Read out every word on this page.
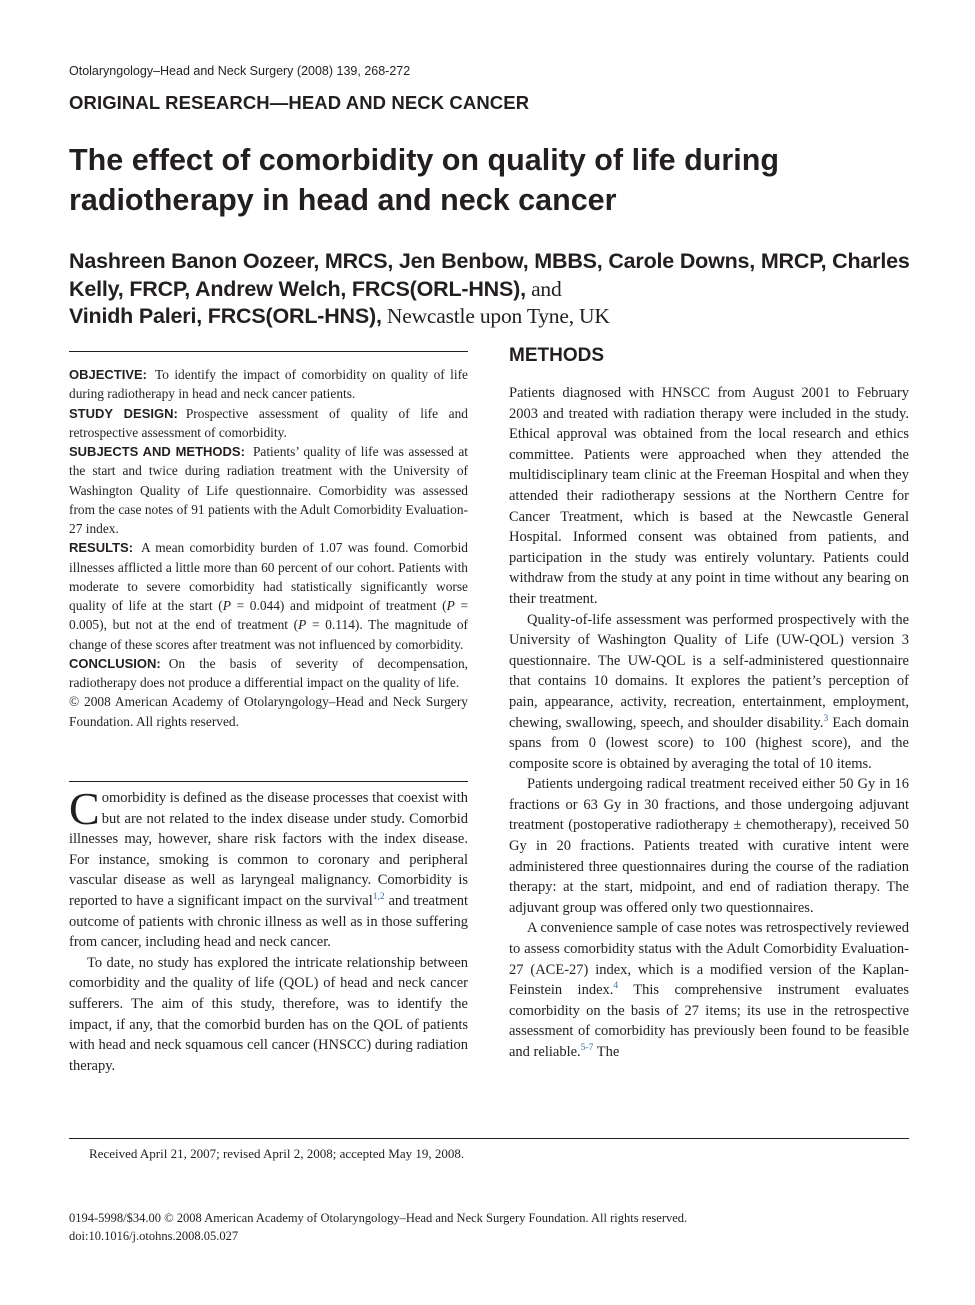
Otolaryngology–Head and Neck Surgery (2008) 139, 268-272
ORIGINAL RESEARCH—HEAD AND NECK CANCER
The effect of comorbidity on quality of life during radiotherapy in head and neck cancer
Nashreen Banon Oozeer, MRCS, Jen Benbow, MBBS, Carole Downs, MRCP, Charles Kelly, FRCP, Andrew Welch, FRCS(ORL-HNS), and
Vinidh Paleri, FRCS(ORL-HNS), Newcastle upon Tyne, UK

OBJECTIVE: To identify the impact of comorbidity on quality of life during radiotherapy in head and neck cancer patients.

STUDY DESIGN: Prospective assessment of quality of life and retrospective assessment of comorbidity.

SUBJECTS AND METHODS: Patients’ quality of life was assessed at the start and twice during radiation treatment with the University of Washington Quality of Life questionnaire. Comorbidity was assessed from the case notes of 91 patients with the Adult Comorbidity Evaluation-27 index.

RESULTS: A mean comorbidity burden of 1.07 was found. Comorbid illnesses afflicted a little more than 60 percent of our cohort. Patients with moderate to severe comorbidity had statistically significantly worse quality of life at the start (P = 0.044) and midpoint of treatment (P = 0.005), but not at the end of treatment (P = 0.114). The magnitude of change of these scores after treatment was not influenced by comorbidity.

CONCLUSION: On the basis of severity of decompensation, radiotherapy does not produce a differential impact on the quality of life.

© 2008 American Academy of Otolaryngology–Head and Neck Surgery Foundation. All rights reserved.

Comorbidity is defined as the disease processes that coexist with but are not related to the index disease under study. Comorbid illnesses may, however, share risk factors with the index disease. For instance, smoking is common to coronary and peripheral vascular disease as well as laryngeal malignancy. Comorbidity is reported to have a significant impact on the survival$^{1,2}$ and treatment outcome of patients with chronic illness as well as in those suffering from cancer, including head and neck cancer.

To date, no study has explored the intricate relationship between comorbidity and the quality of life (QOL) of head and neck cancer sufferers. The aim of this study, therefore, was to identify the impact, if any, that the comorbid burden has on the QOL of patients with head and neck squamous cell cancer (HNSCC) during radiation therapy.

METHODS

Patients diagnosed with HNSCC from August 2001 to February 2003 and treated with radiation therapy were included in the study. Ethical approval was obtained from the local research and ethics committee. Patients were approached when they attended the multidisciplinary team clinic at the Freeman Hospital and when they attended their radiotherapy sessions at the Northern Centre for Cancer Treatment, which is based at the Newcastle General Hospital. Informed consent was obtained from patients, and participation in the study was entirely voluntary. Patients could withdraw from the study at any point in time without any bearing on their treatment.

Quality-of-life assessment was performed prospectively with the University of Washington Quality of Life (UW-QOL) version 3 questionnaire. The UW-QOL is a self-administered questionnaire that contains 10 domains. It explores the patient’s perception of pain, appearance, activity, recreation, entertainment, employment, chewing, swallowing, speech, and shoulder disability.$^3$ Each domain spans from 0 (lowest score) to 100 (highest score), and the composite score is obtained by averaging the total of 10 items.

Patients undergoing radical treatment received either 50 Gy in 16 fractions or 63 Gy in 30 fractions, and those undergoing adjuvant treatment (postoperative radiotherapy ± chemotherapy), received 50 Gy in 20 fractions. Patients treated with curative intent were administered three questionnaires during the course of the radiation therapy: at the start, midpoint, and end of radiation therapy. The adjuvant group was offered only two questionnaires.

A convenience sample of case notes was retrospectively reviewed to assess comorbidity status with the Adult Comorbidity Evaluation-27 (ACE-27) index, which is a modified version of the Kaplan-Feinstein index.$^4$ This comprehensive instrument evaluates comorbidity on the basis of 27 items; its use in the retrospective assessment of comorbidity has previously been found to be feasible and reliable.$^{5-7}$ The

Received April 21, 2007; revised April 2, 2008; accepted May 19, 2008.
0194-5998/$34.00 © 2008 American Academy of Otolaryngology–Head and Neck Surgery Foundation. All rights reserved.
doi:10.1016/j.otohns.2008.05.027
